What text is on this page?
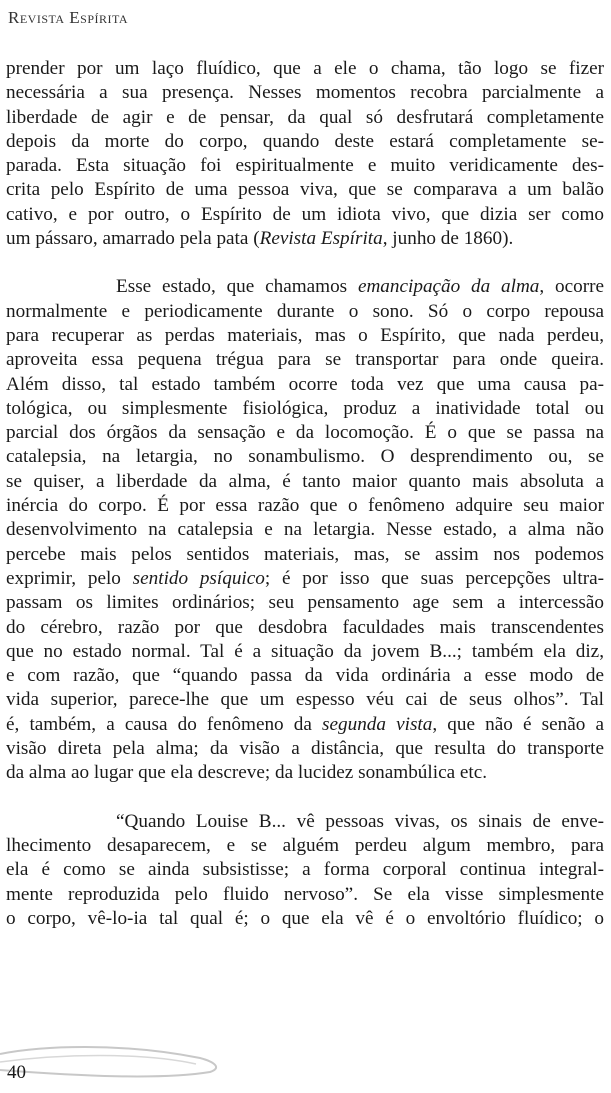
Revista Espírita
prender por um laço fluídico, que a ele o chama, tão logo se fizer
necessária a sua presença. Nesses momentos recobra parcialmente a
liberdade de agir e de pensar, da qual só desfrutará completamente
depois da morte do corpo, quando deste estará completamente se-
parada. Esta situação foi espiritualmente e muito veridicamente des-
crita pelo Espírito de uma pessoa viva, que se comparava a um balão
cativo, e por outro, o Espírito de um idiota vivo, que dizia ser como
um pássaro, amarrado pela pata (Revista Espírita, junho de 1860).
Esse estado, que chamamos emancipação da alma, ocorre
normalmente e periodicamente durante o sono. Só o corpo repousa
para recuperar as perdas materiais, mas o Espírito, que nada perdeu,
aproveita essa pequena trégua para se transportar para onde queira.
Além disso, tal estado também ocorre toda vez que uma causa pa-
tológica, ou simplesmente fisiológica, produz a inatividade total ou
parcial dos órgãos da sensação e da locomoção. É o que se passa na
catalepsia, na letargia, no sonambulismo. O desprendimento ou, se
se quiser, a liberdade da alma, é tanto maior quanto mais absoluta a
inércia do corpo. É por essa razão que o fenômeno adquire seu maior
desenvolvimento na catalepsia e na letargia. Nesse estado, a alma não
percebe mais pelos sentidos materiais, mas, se assim nos podemos
exprimir, pelo sentido psíquico; é por isso que suas percepções ultra-
passam os limites ordinários; seu pensamento age sem a intercessão
do cérebro, razão por que desdobra faculdades mais transcendentes
que no estado normal. Tal é a situação da jovem B...; também ela diz,
e com razão, que “quando passa da vida ordinária a esse modo de
vida superior, parece-lhe que um espesso véu cai de seus olhos”. Tal
é, também, a causa do fenômeno da segunda vista, que não é senão a
visão direta pela alma; da visão a distância, que resulta do transporte
da alma ao lugar que ela descreve; da lucidez sonambúlica etc.
“Quando Louise B... vê pessoas vivas, os sinais de enve-
lhecimento desaparecem, e se alguém perdeu algum membro, para
ela é como se ainda subsistisse; a forma corporal continua integral-
mente reproduzida pelo fluido nervoso”. Se ela visse simplesmente
o corpo, vê-lo-ia tal qual é; o que ela vê é o envoltório fluídico; o
40
